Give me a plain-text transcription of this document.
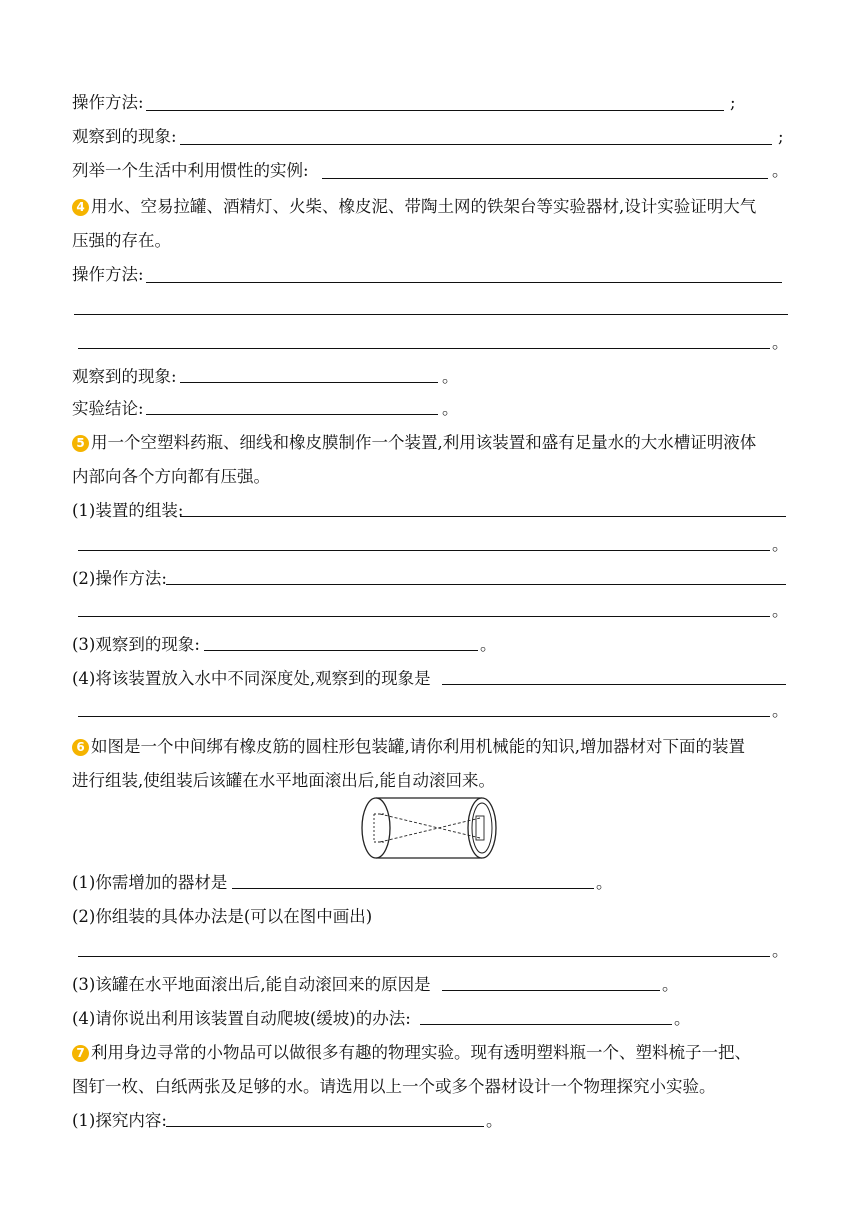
操作方法:	;
观察到的现象:	;
列举一个生活中利用惯性的实例:	。
4 用水、空易拉罐、酒精灯、火柴、橡皮泥、带陶土网的铁架台等实验器材,设计实验证明大气
压强的存在。
操作方法:
。
观察到的现象:	。
实验结论:	。
5 用一个空塑料药瓶、细线和橡皮膜制作一个装置,利用该装置和盛有足量水的大水槽证明液体
内部向各个方向都有压强。
(1)装置的组装:
。
(2)操作方法:
。
(3)观察到的现象:	。
(4)将该装置放入水中不同深度处,观察到的现象是
。
6 如图是一个中间绑有橡皮筋的圆柱形包装罐,请你利用机械能的知识,增加器材对下面的装置
进行组装,使组装后该罐在水平地面滚出后,能自动滚回来。
(1)你需增加的器材是	。
(2)你组装的具体办法是(可以在图中画出)
。
(3)该罐在水平地面滚出后,能自动滚回来的原因是	。
(4)请你说出利用该装置自动爬坡(缓坡)的办法:	。
7 利用身边寻常的小物品可以做很多有趣的物理实验。现有透明塑料瓶一个、塑料梳子一把、
图钉一枚、白纸两张及足够的水。请选用以上一个或多个器材设计一个物理探究小实验。
(1)探究内容:	。
